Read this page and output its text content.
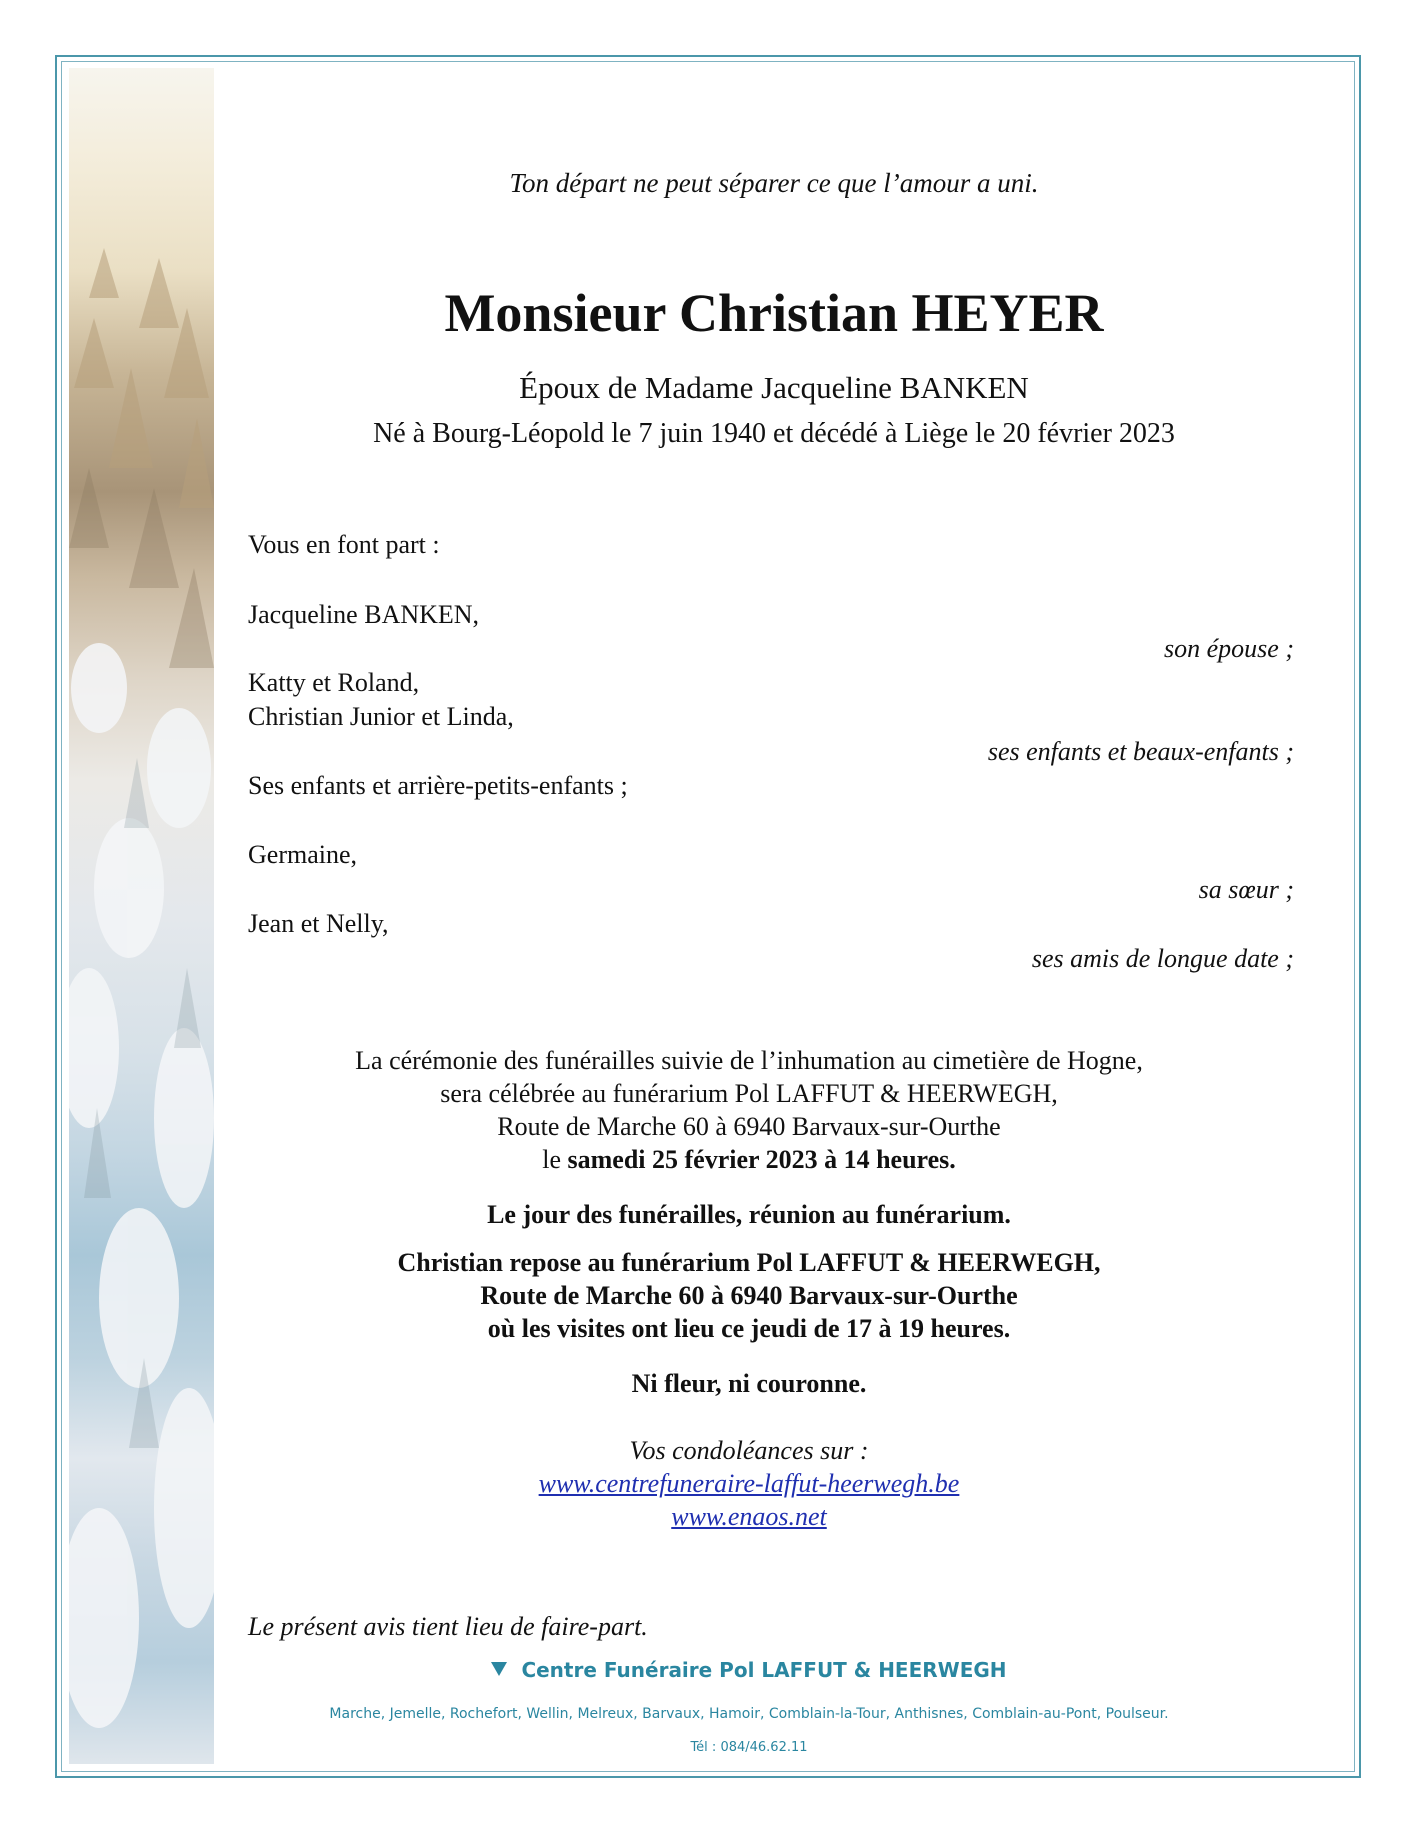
Ton départ ne peut séparer ce que l’amour a uni.
Monsieur Christian HEYER
Époux de Madame Jacqueline BANKEN
Né à Bourg-Léopold le 7 juin 1940 et décédé à Liège le 20 février 2023
Vous en font part :
Jacqueline BANKEN,
son épouse ;
Katty et Roland,
Christian Junior et Linda,
ses enfants et beaux-enfants ;
Ses enfants et arrière-petits-enfants ;
Germaine,
sa sœur ;
Jean et Nelly,
ses amis de longue date ;
La cérémonie des funérailles suivie de l’inhumation au cimetière de Hogne,
sera célébrée au funérarium Pol LAFFUT & HEERWEGH,
Route de Marche 60 à 6940 Barvaux-sur-Ourthe
le samedi 25 février 2023 à 14 heures.
Le jour des funérailles, réunion au funérarium.
Christian repose au funérarium Pol LAFFUT & HEERWEGH,
Route de Marche 60 à 6940 Barvaux-sur-Ourthe
où les visites ont lieu ce jeudi de 17 à 19 heures.
Ni fleur, ni couronne.
Vos condoléances sur :
www.centrefuneraire-laffut-heerwegh.be
www.enaos.net
Le présent avis tient lieu de faire-part.
Centre Funéraire Pol LAFFUT & HEERWEGH
Marche, Jemelle, Rochefort, Wellin, Melreux, Barvaux, Hamoir, Comblain-la-Tour, Anthisnes, Comblain-au-Pont, Poulseur.
Tél : 084/46.62.11
